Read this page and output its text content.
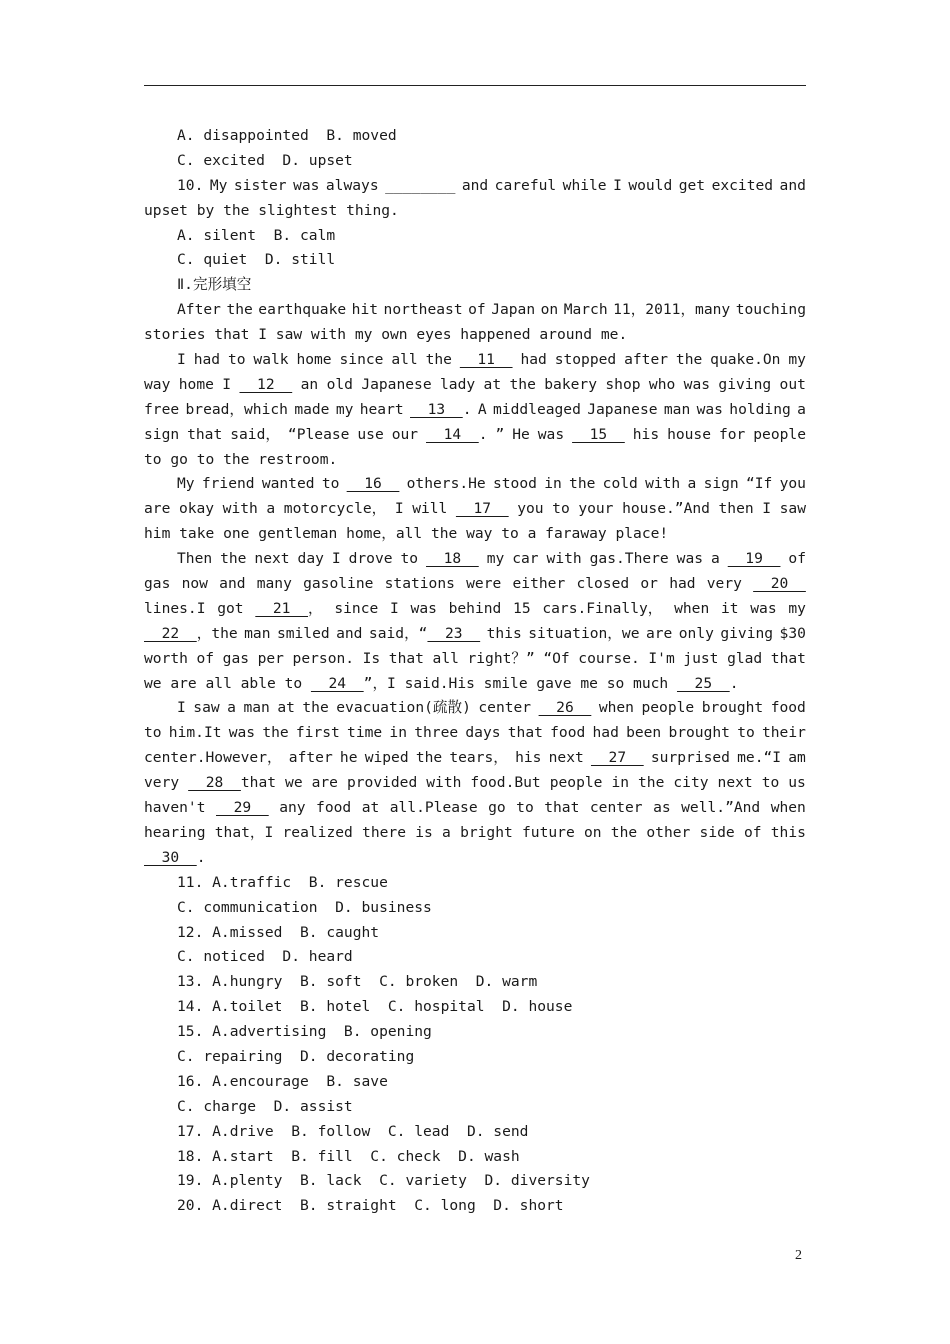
A. disappointed  B. moved
C. excited  D. upset
10. My sister was always ________ and careful while I would get excited and
upset by the slightest thing.
A. silent  B. calm
C. quiet  D. still
Ⅱ.完形填空
After the earthquake hit northeast of Japan on March 11，2011，many touching
stories that I saw with my own eyes happened around me.
I had to walk home since all the 11 had stopped after the quake.On my
way home I 12 an old Japanese lady at the bakery shop who was giving out
free bread，which made my heart 13  . A middleaged Japanese man was holding a
sign that said， “Please use our 14  . ” He was 15 his house for people
to go to the restroom.
My friend wanted to 16 others.He stood in the cold with a sign “If you
are okay with a motorcycle， I will 17 you to your house.”And then I saw
him take one gentleman home，all the way to a faraway place!
Then the next day I drove to 18 my car with gas.There was a 19 of
gas now and many gasoline stations were either closed or had very 20
lines.I got 21  ， since I was behind 15 cars.Finally， when it was my
22  ，the man smiled and said，“  23 this situation，we are only giving $30
worth of gas per person. Is that all right？” “Of course. I'm just glad that
we are all able to   24  ”，I said.His smile gave me so much   25  .
I saw a man at the evacuation(疏散) center 26 when people brought food
to him.It was the first time in three days that food had been brought to their
center.However， after he wiped the tears， his next 27 surprised me.“I am
very 28  that we are provided with food.But people in the city next to us
haven't 29 any food at all.Please go to that center as well.”And when
hearing that，I realized there is a bright future on the other side of this
30  .
11. A.traffic  B. rescue
C. communication  D. business
12. A.missed  B. caught
C. noticed  D. heard
13. A.hungry  B. soft  C. broken  D. warm
14. A.toilet  B. hotel  C. hospital  D. house
15. A.advertising  B. opening
C. repairing  D. decorating
16. A.encourage  B. save
C. charge  D. assist
17. A.drive  B. follow  C. lead  D. send
18. A.start  B. fill  C. check  D. wash
19. A.plenty  B. lack  C. variety  D. diversity
20. A.direct  B. straight  C. long  D. short
2
